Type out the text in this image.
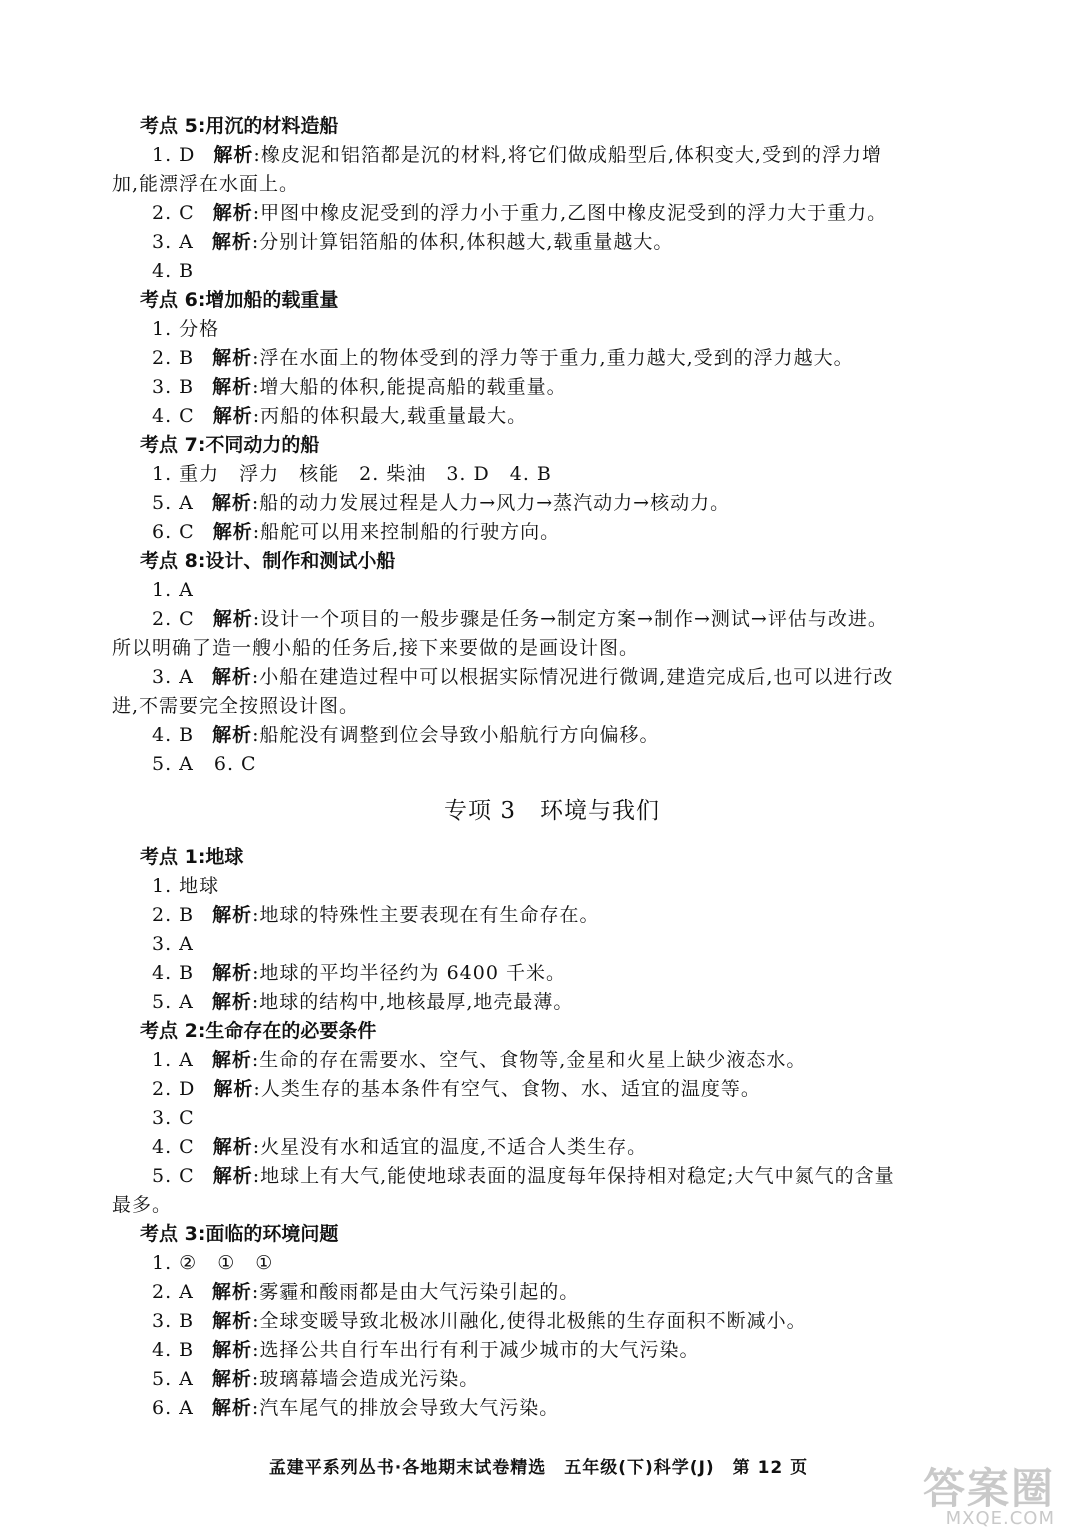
考点 5:用沉的材料造船
1. D 解析:橡皮泥和铝箔都是沉的材料,将它们做成船型后,体积变大,受到的浮力增
加,能漂浮在水面上。
2. C 解析:甲图中橡皮泥受到的浮力小于重力,乙图中橡皮泥受到的浮力大于重力。
3. A 解析:分别计算铝箔船的体积,体积越大,载重量越大。
4. B
考点 6:增加船的载重量
1. 分格
2. B 解析:浮在水面上的物体受到的浮力等于重力,重力越大,受到的浮力越大。
3. B 解析:增大船的体积,能提高船的载重量。
4. C 解析:丙船的体积最大,载重量最大。
考点 7:不同动力的船
1. 重力　浮力　核能　2. 柴油　3. D　4. B
5. A 解析:船的动力发展过程是人力→风力→蒸汽动力→核动力。
6. C 解析:船舵可以用来控制船的行驶方向。
考点 8:设计、制作和测试小船
1. A
2. C 解析:设计一个项目的一般步骤是任务→制定方案→制作→测试→评估与改进。
所以明确了造一艘小船的任务后,接下来要做的是画设计图。
3. A 解析:小船在建造过程中可以根据实际情况进行微调,建造完成后,也可以进行改
进,不需要完全按照设计图。
4. B 解析:船舵没有调整到位会导致小船航行方向偏移。
5. A　6. C
专项 3　环境与我们
考点 1:地球
1. 地球
2. B 解析:地球的特殊性主要表现在有生命存在。
3. A
4. B 解析:地球的平均半径约为 6400 千米。
5. A 解析:地球的结构中,地核最厚,地壳最薄。
考点 2:生命存在的必要条件
1. A 解析:生命的存在需要水、空气、食物等,金星和火星上缺少液态水。
2. D 解析:人类生存的基本条件有空气、食物、水、适宜的温度等。
3. C
4. C 解析:火星没有水和适宜的温度,不适合人类生存。
5. C 解析:地球上有大气,能使地球表面的温度每年保持相对稳定;大气中氮气的含量
最多。
考点 3:面临的环境问题
1. ②　①　①
2. A 解析:雾霾和酸雨都是由大气污染引起的。
3. B 解析:全球变暖导致北极冰川融化,使得北极熊的生存面积不断减小。
4. B 解析:选择公共自行车出行有利于减少城市的大气污染。
5. A 解析:玻璃幕墙会造成光污染。
6. A 解析:汽车尾气的排放会导致大气污染。
孟建平系列丛书·各地期末试卷精选　五年级(下)科学(J)　第 12 页	答案圈
MXQE.COM
